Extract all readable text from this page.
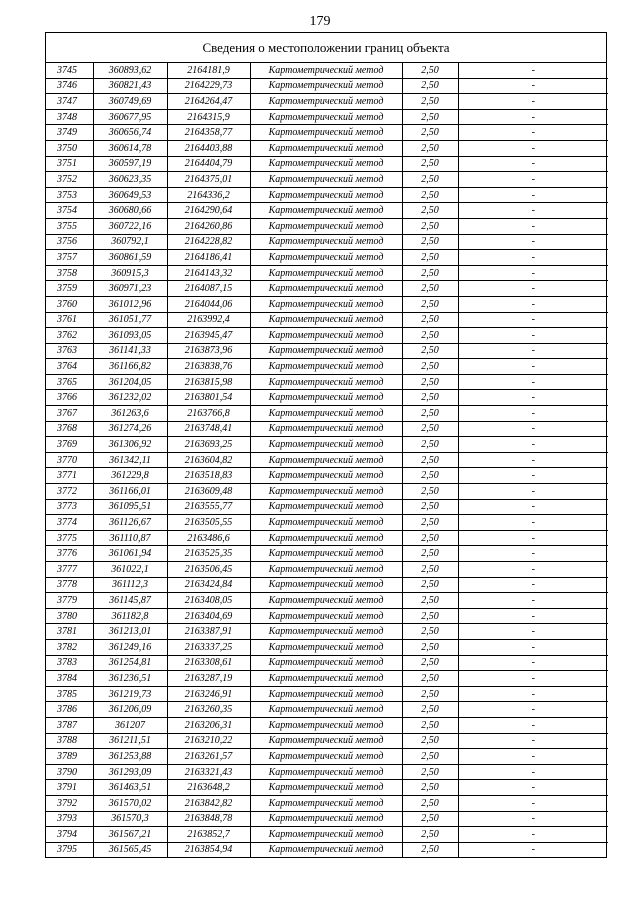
179
Сведения о местоположении границ объекта
3745	360893,62	2164181,9	Картометрический метод	2,50	-
3746	360821,43	2164229,73	Картометрический метод	2,50	-
3747	360749,69	2164264,47	Картометрический метод	2,50	-
3748	360677,95	2164315,9	Картометрический метод	2,50	-
3749	360656,74	2164358,77	Картометрический метод	2,50	-
3750	360614,78	2164403,88	Картометрический метод	2,50	-
3751	360597,19	2164404,79	Картометрический метод	2,50	-
3752	360623,35	2164375,01	Картометрический метод	2,50	-
3753	360649,53	2164336,2	Картометрический метод	2,50	-
3754	360680,66	2164290,64	Картометрический метод	2,50	-
3755	360722,16	2164260,86	Картометрический метод	2,50	-
3756	360792,1	2164228,82	Картометрический метод	2,50	-
3757	360861,59	2164186,41	Картометрический метод	2,50	-
3758	360915,3	2164143,32	Картометрический метод	2,50	-
3759	360971,23	2164087,15	Картометрический метод	2,50	-
3760	361012,96	2164044,06	Картометрический метод	2,50	-
3761	361051,77	2163992,4	Картометрический метод	2,50	-
3762	361093,05	2163945,47	Картометрический метод	2,50	-
3763	361141,33	2163873,96	Картометрический метод	2,50	-
3764	361166,82	2163838,76	Картометрический метод	2,50	-
3765	361204,05	2163815,98	Картометрический метод	2,50	-
3766	361232,02	2163801,54	Картометрический метод	2,50	-
3767	361263,6	2163766,8	Картометрический метод	2,50	-
3768	361274,26	2163748,41	Картометрический метод	2,50	-
3769	361306,92	2163693,25	Картометрический метод	2,50	-
3770	361342,11	2163604,82	Картометрический метод	2,50	-
3771	361229,8	2163518,83	Картометрический метод	2,50	-
3772	361166,01	2163609,48	Картометрический метод	2,50	-
3773	361095,51	2163555,77	Картометрический метод	2,50	-
3774	361126,67	2163505,55	Картометрический метод	2,50	-
3775	361110,87	2163486,6	Картометрический метод	2,50	-
3776	361061,94	2163525,35	Картометрический метод	2,50	-
3777	361022,1	2163506,45	Картометрический метод	2,50	-
3778	361112,3	2163424,84	Картометрический метод	2,50	-
3779	361145,87	2163408,05	Картометрический метод	2,50	-
3780	361182,8	2163404,69	Картометрический метод	2,50	-
3781	361213,01	2163387,91	Картометрический метод	2,50	-
3782	361249,16	2163337,25	Картометрический метод	2,50	-
3783	361254,81	2163308,61	Картометрический метод	2,50	-
3784	361236,51	2163287,19	Картометрический метод	2,50	-
3785	361219,73	2163246,91	Картометрический метод	2,50	-
3786	361206,09	2163260,35	Картометрический метод	2,50	-
3787	361207	2163206,31	Картометрический метод	2,50	-
3788	361211,51	2163210,22	Картометрический метод	2,50	-
3789	361253,88	2163261,57	Картометрический метод	2,50	-
3790	361293,09	2163321,43	Картометрический метод	2,50	-
3791	361463,51	2163648,2	Картометрический метод	2,50	-
3792	361570,02	2163842,82	Картометрический метод	2,50	-
3793	361570,3	2163848,78	Картометрический метод	2,50	-
3794	361567,21	2163852,7	Картометрический метод	2,50	-
3795	361565,45	2163854,94	Картометрический метод	2,50	-
